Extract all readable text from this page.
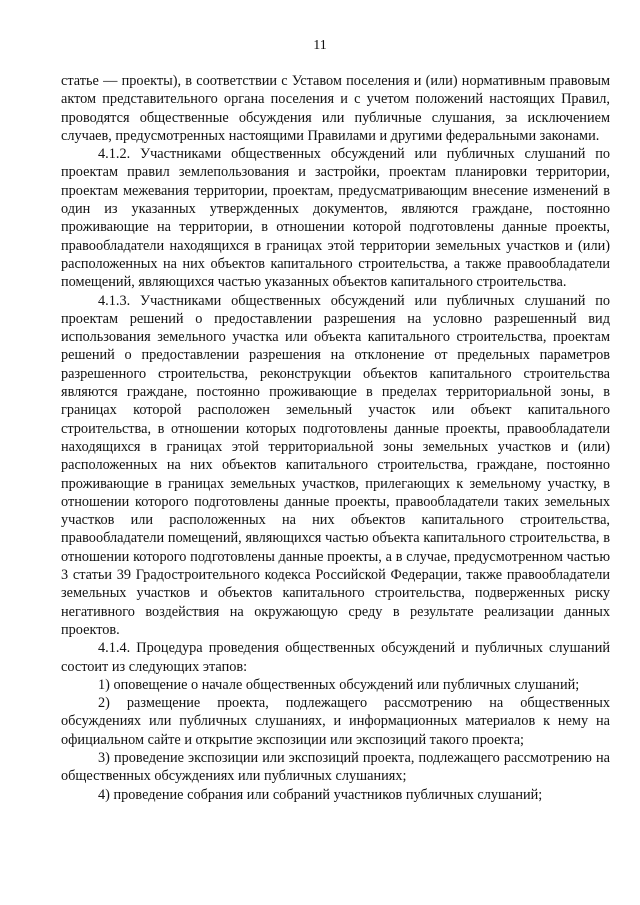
11

статье — проекты), в соответствии с Уставом поселения и (или) нормативным правовым актом представительного органа поселения и с учетом положений настоящих Правил, проводятся общественные обсуждения или публичные слушания, за исключением случаев, предусмотренных настоящими Правилами и другими федеральными законами.

4.1.2. Участниками общественных обсуждений или публичных слушаний по проектам правил землепользования и застройки, проектам планировки территории, проектам межевания территории, проектам, предусматривающим внесение изменений в один из указанных утвержденных документов, являются граждане, постоянно проживающие на территории, в отношении которой подготовлены данные проекты, правообладатели находящихся в границах этой территории земельных участков и (или) расположенных на них объектов капитального строительства, а также правообладатели помещений, являющихся частью указанных объектов капитального строительства.

4.1.3. Участниками общественных обсуждений или публичных слушаний по проектам решений о предоставлении разрешения на условно разрешенный вид использования земельного участка или объекта капитального строительства, проектам решений о предоставлении разрешения на отклонение от предельных параметров разрешенного строительства, реконструкции объектов капитального строительства являются граждане, постоянно проживающие в пределах территориальной зоны, в границах которой расположен земельный участок или объект капитального строительства, в отношении которых подготовлены данные проекты, правообладатели находящихся в границах этой территориальной зоны земельных участков и (или) расположенных на них объектов капитального строительства, граждане, постоянно проживающие в границах земельных участков, прилегающих к земельному участку, в отношении которого подготовлены данные проекты, правообладатели таких земельных участков или расположенных на них объектов капитального строительства, правообладатели помещений, являющихся частью объекта капитального строительства, в отношении которого подготовлены данные проекты, а в случае, предусмотренном частью 3 статьи 39 Градостроительного кодекса Российской Федерации, также правообладатели земельных участков и объектов капитального строительства, подверженных риску негативного воздействия на окружающую среду в результате реализации данных проектов.

4.1.4. Процедура проведения общественных обсуждений и публичных слушаний состоит из следующих этапов:

1) оповещение о начале общественных обсуждений или публичных слушаний;

2) размещение проекта, подлежащего рассмотрению на общественных обсуждениях или публичных слушаниях, и информационных материалов к нему на официальном сайте и открытие экспозиции или экспозиций такого проекта;

3) проведение экспозиции или экспозиций проекта, подлежащего рассмотрению на общественных обсуждениях или публичных слушаниях;

4) проведение собрания или собраний участников публичных слушаний;
